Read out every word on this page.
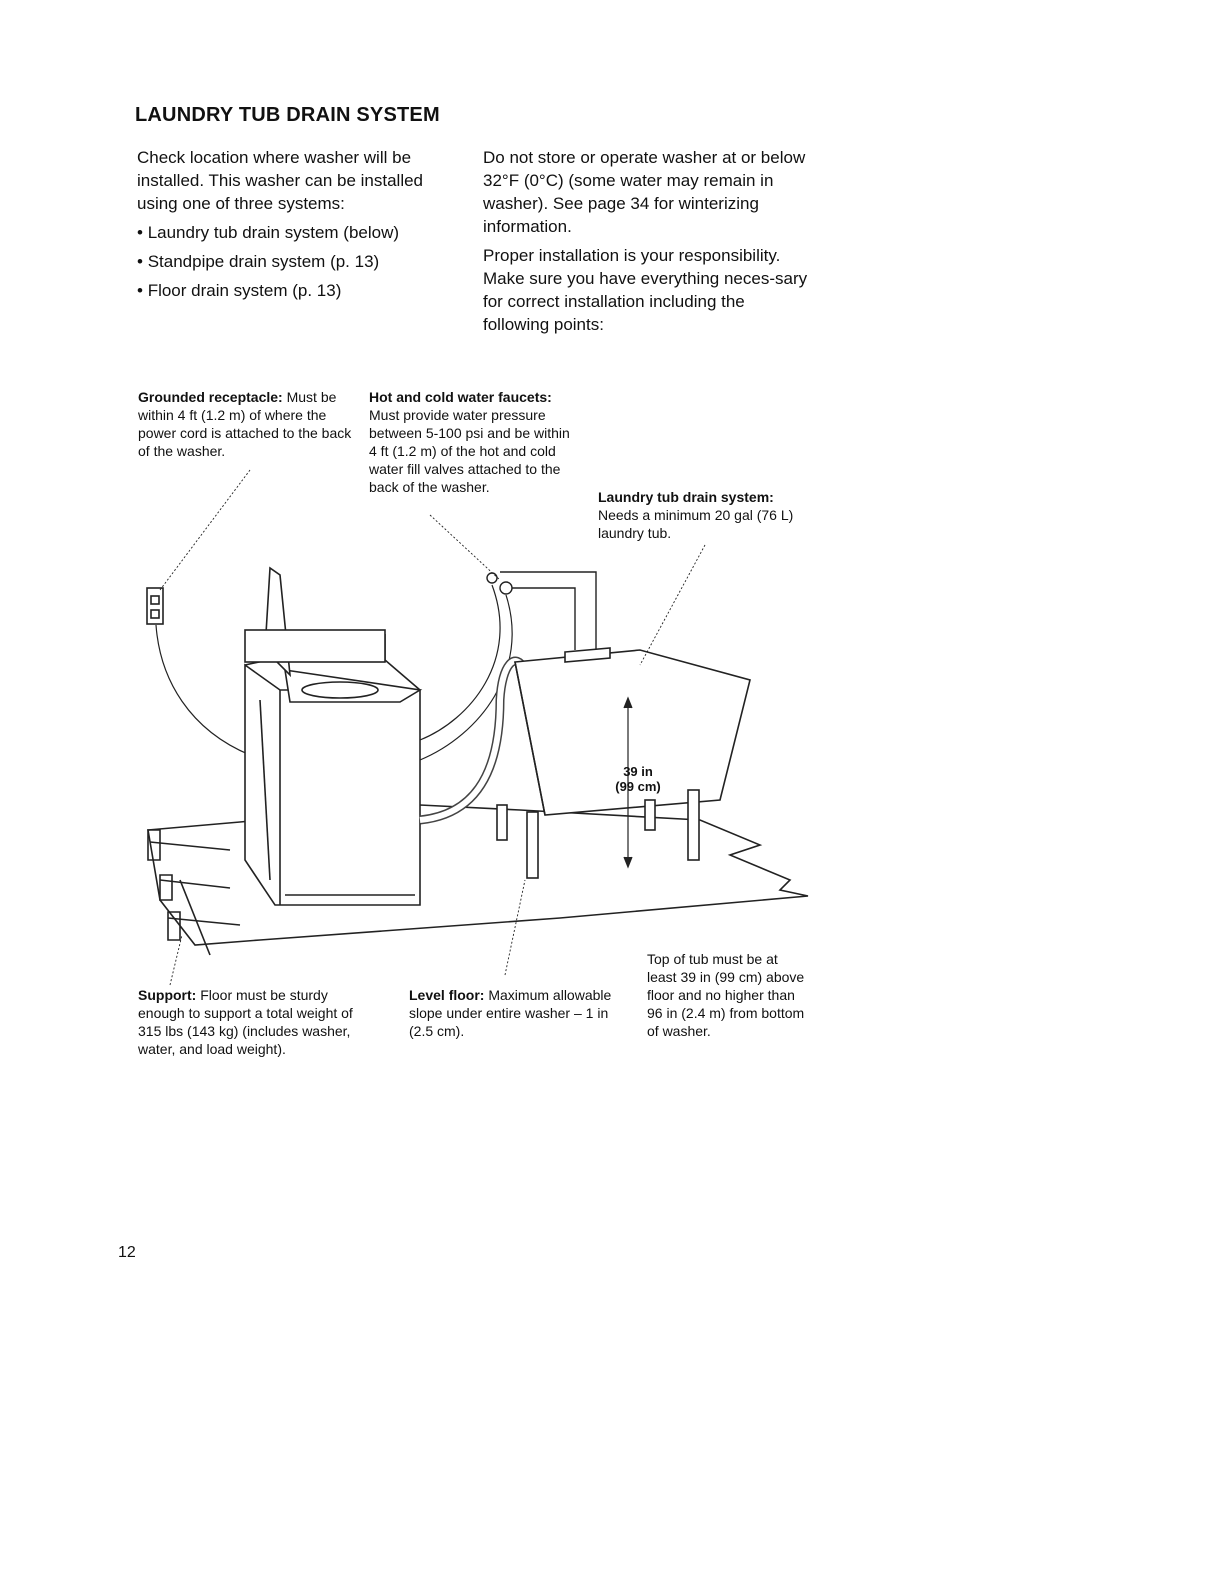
LAUNDRY TUB DRAIN SYSTEM

Check location where washer will be installed. This washer can be installed using one of three systems:

• Laundry tub drain system (below)
• Standpipe drain system (p. 13)
• Floor drain system (p. 13)

Do not store or operate washer at or below 32°F (0°C) (some water may remain in washer). See page 34 for winterizing information.

Proper installation is your responsibility. Make sure you have everything neces-sary for correct installation including the following points:

Grounded receptacle: Must be within 4 ft (1.2 m) of where the power cord is attached to the back of the washer.
Hot and cold water faucets:
Must provide water pressure between 5-100 psi and be within 4 ft (1.2 m) of the hot and cold water fill valves attached to the back of the washer.
Laundry tub drain system:
Needs a minimum 20 gal (76 L) laundry tub.
39 in
(99 cm)
Support: Floor must be sturdy enough to support a total weight of 315 lbs (143 kg) (includes washer, water, and load weight).
Level floor: Maximum allowable slope under entire washer – 1 in (2.5 cm).
Top of tub must be at least 39 in (99 cm) above floor and no higher than 96 in (2.4 m) from bottom of washer.
12
